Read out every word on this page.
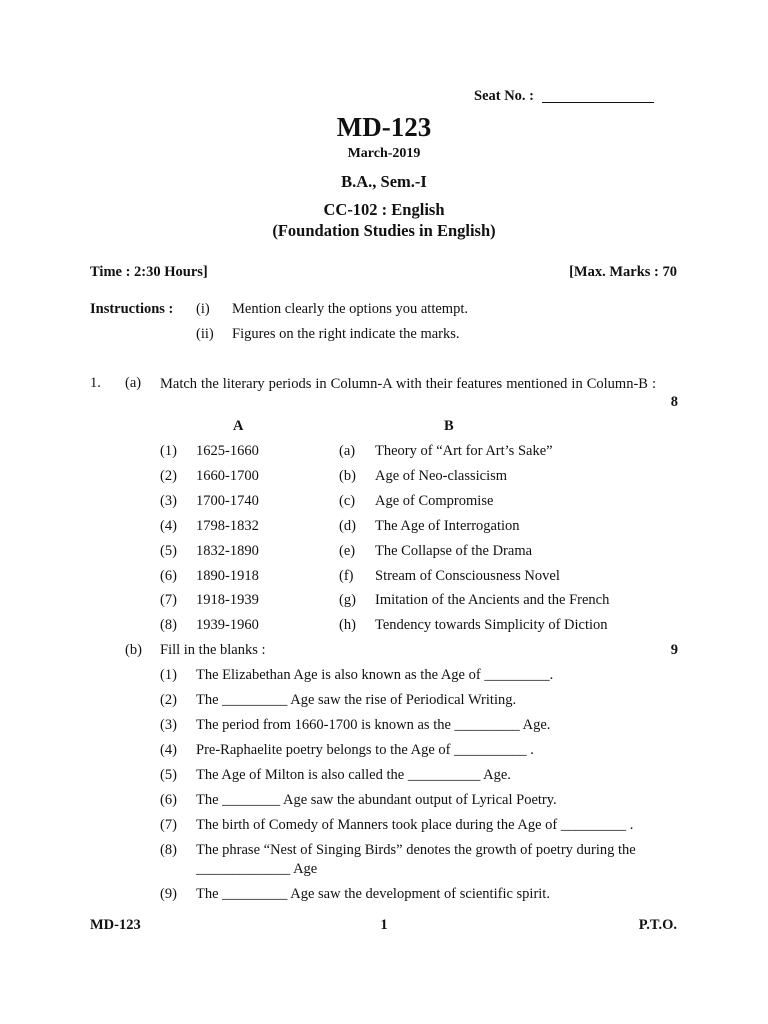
Seat No. :
MD-123
March-2019
B.A., Sem.-I
CC-102 : English
(Foundation Studies in English)
Time : 2:30 Hours]	[Max. Marks : 70
Instructions : (i) Mention clearly the options you attempt.
(ii) Figures on the right indicate the marks.
1. (a) Match the literary periods in Column-A with their features mentioned in Column-B :
8
A	B
(1) 1625-1660	(a) Theory of “Art for Art’s Sake”
(2) 1660-1700	(b) Age of Neo-classicism
(3) 1700-1740	(c) Age of Compromise
(4) 1798-1832	(d) The Age of Interrogation
(5) 1832-1890	(e) The Collapse of the Drama
(6) 1890-1918	(f) Stream of Consciousness Novel
(7) 1918-1939	(g) Imitation of the Ancients and the French
(8) 1939-1960	(h) Tendency towards Simplicity of Diction
(b) Fill in the blanks :	9
(1) The Elizabethan Age is also known as the Age of _________.
(2) The _________ Age saw the rise of Periodical Writing.
(3) The period from 1660-1700 is known as the _________ Age.
(4) Pre-Raphaelite poetry belongs to the Age of __________ .
(5) The Age of Milton is also called the __________ Age.
(6) The ________ Age saw the abundant output of Lyrical Poetry.
(7) The birth of Comedy of Manners took place during the Age of _________ .
(8) The phrase “Nest of Singing Birds” denotes the growth of poetry during the
_____________ Age
(9) The _________ Age saw the development of scientific spirit.
MD-123	1	P.T.O.
